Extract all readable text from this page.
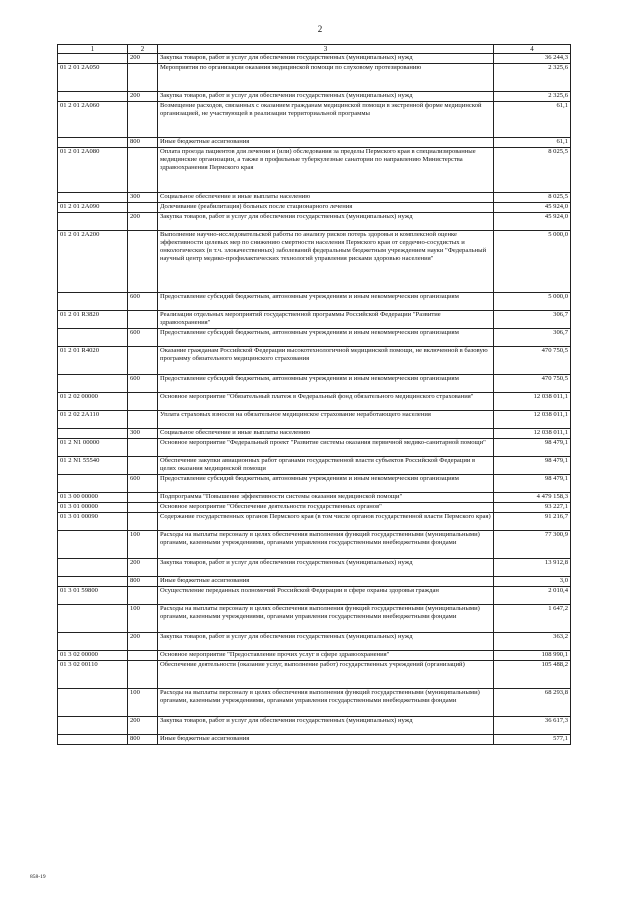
2
1	2	3	4
	200	Закупка товаров, работ и услуг для обеспечения государственных (муниципальных) нужд	36 244,3
01 2 01 2А050		Мероприятия по организации оказания медицинской помощи по слуховому протезированию	2 325,6
	200	Закупка товаров, работ и услуг для обеспечения государственных (муниципальных) нужд	2 325,6
01 2 01 2А060		Возмещение расходов, связанных с оказанием гражданам медицинской помощи в экстренной форме медицинской организацией, не участвующей в реализации территориальной программы	61,1
	800	Иные бюджетные ассигнования	61,1
01 2 01 2А080		Оплата проезда пациентов для лечения и (или) обследования за пределы Пермского края в специализированные медицинские организации, а также в профильные туберкулезные санатории по направлению Министерства здравоохранения Пермского края	8 025,5
	300	Социальное обеспечение и иные выплаты населению	8 025,5
01 2 01 2А090		Долечивание (реабилитация) больных после стационарного лечения	45 924,0
	200	Закупка товаров, работ и услуг для обеспечения государственных (муниципальных) нужд	45 924,0
01 2 01 2А200		Выполнение научно-исследовательской работы по анализу рисков потерь здоровья и комплексной оценке эффективности целевых мер по снижению смертности населения Пермского края от сердечно-сосудистых и онкологических (в т.ч. злокачественных) заболеваний федеральным бюджетным учреждением науки "Федеральный научный центр медико-профилактических технологий управления рисками здоровью населения"	5 000,0
	600	Предоставление субсидий бюджетным, автономным учреждениям и иным некоммерческим организациям	5 000,0
01 2 01 R3820		Реализация отдельных мероприятий государственной программы Российской Федерации "Развитие здравоохранения"	306,7
	600	Предоставление субсидий бюджетным, автономным учреждениям и иным некоммерческим организациям	306,7
01 2 01 R4020		Оказание гражданам Российской Федерации высокотехнологичной медицинской помощи, не включенной в базовую программу обязательного медицинского страхования	470 750,5
	600	Предоставление субсидий бюджетным, автономным учреждениям и иным некоммерческим организациям	470 750,5
01 2 02 00000		Основное мероприятие "Обязательный платеж в Федеральный фонд обязательного медицинского страхования"	12 038 011,1
01 2 02 2А110		Уплата страховых взносов на обязательное медицинское страхование неработающего населения	12 038 011,1
	300	Социальное обеспечение и иные выплаты населению	12 038 011,1
01 2 N1 00000		Основное мероприятие "Федеральный проект "Развитие системы оказания первичной медико-санитарной помощи"	98 479,1
01 2 N1 55540		Обеспечение закупки авиационных работ органами государственной власти субъектов Российской Федерации в целях оказания медицинской помощи	98 479,1
	600	Предоставление субсидий бюджетным, автономным учреждениям и иным некоммерческим организациям	98 479,1
01 3 00 00000		Подпрограмма "Повышение эффективности системы оказания медицинской помощи"	4 479 158,3
01 3 01 00000		Основное мероприятие "Обеспечение деятельности государственных органов"	93 227,1
01 3 01 00090		Содержание государственных органов Пермского края (в том числе органов государственной власти Пермского края)	91 216,7
	100	Расходы на выплаты персоналу в целях обеспечения выполнения функций государственными (муниципальными) органами, казенными учреждениями, органами управления государственными внебюджетными фондами	77 300,9
	200	Закупка товаров, работ и услуг для обеспечения государственных (муниципальных) нужд	13 912,8
	800	Иные бюджетные ассигнования	3,0
01 3 01 59800		Осуществление переданных полномочий Российской Федерации в сфере охраны здоровья граждан	2 010,4
	100	Расходы на выплаты персоналу в целях обеспечения выполнения функций государственными (муниципальными) органами, казенными учреждениями, органами управления государственными внебюджетными фондами	1 647,2
	200	Закупка товаров, работ и услуг для обеспечения государственных (муниципальных) нужд	363,2
01 3 02 00000		Основное мероприятие "Предоставление прочих услуг в сфере здравоохранения"	108 990,1
01 3 02 00110		Обеспечение деятельности (оказание услуг, выполнение работ) государственных учреждений (организаций)	105 488,2
	100	Расходы на выплаты персоналу в целях обеспечения выполнения функций государственными (муниципальными) органами, казенными учреждениями, органами управления государственными внебюджетными фондами	68 293,8
	200	Закупка товаров, работ и услуг для обеспечения государственных (муниципальных) нужд	36 617,3
	800	Иные бюджетные ассигнования	577,1
858-19
